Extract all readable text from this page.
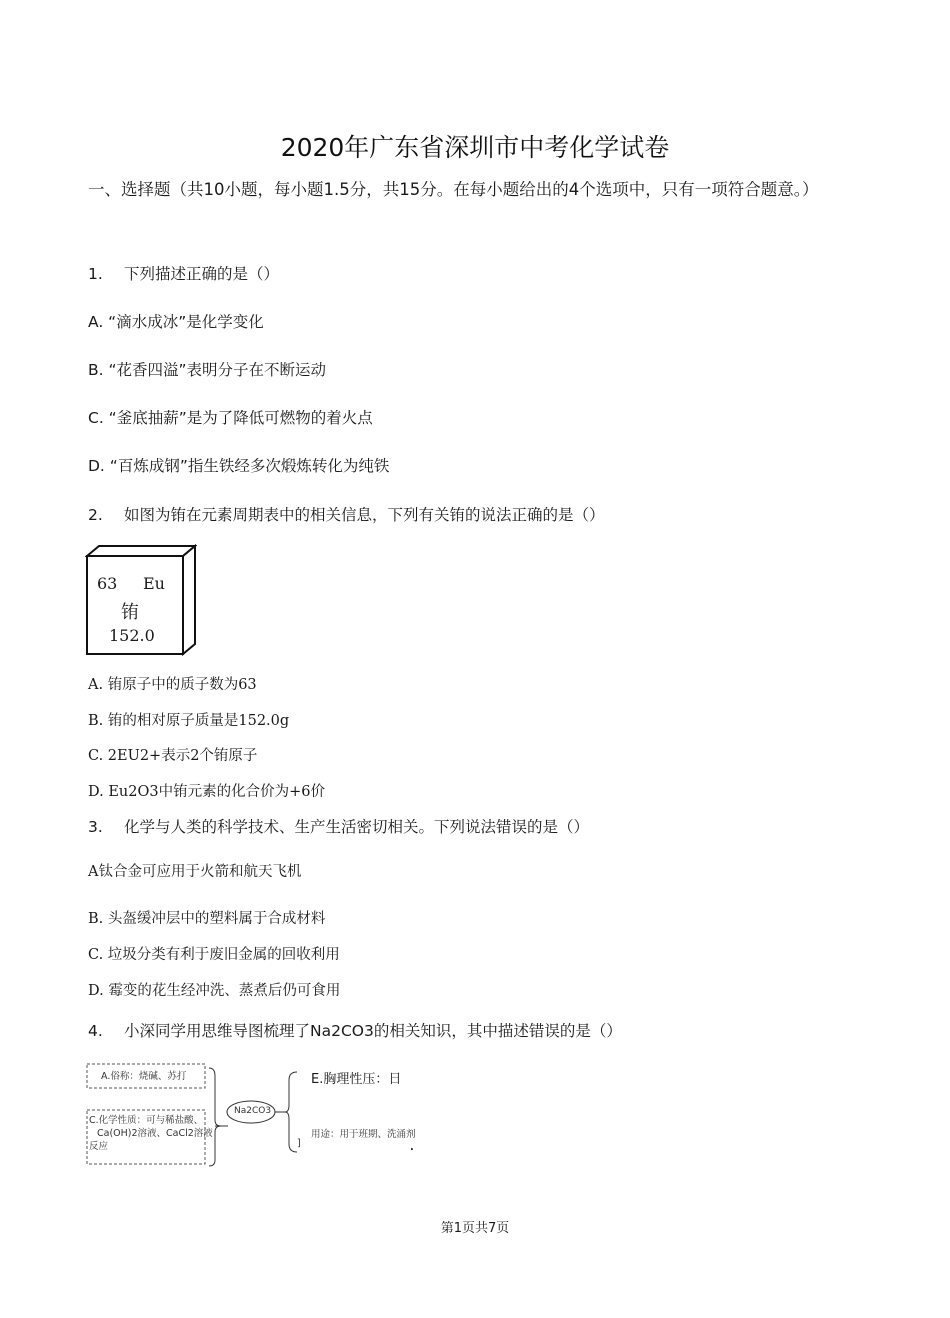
2020年广东省深圳市中考化学试卷
一、选择题（共10小题，每小题1.5分，共15分。在每小题给出的4个选项中，只有一项符合题意。）
1. 下列描述正确的是（）
A. “滴水成冰”是化学变化
B. “花香四溢”表明分子在不断运动
C. “釜底抽薪”是为了降低可燃物的着火点
D. “百炼成钢”指生铁经多次煅炼转化为纯铁
2. 如图为铕在元素周期表中的相关信息，下列有关铕的说法正确的是（）
63 Eu
铕
152.0
A. 铕原子中的质子数为63
B. 铕的相对原子质量是152.0g
C. 2EU2+表示2个铕原子
D. Eu2O3中铕元素的化合价为+6价
3. 化学与人类的科学技术、生产生活密切相关。下列说法错误的是（）
A钛合金可应用于火箭和航天飞机
B. 头盔缓冲层中的塑料属于合成材料
C. 垃圾分类有利于废旧金属的回收利用
D. 霉变的花生经冲洗、蒸煮后仍可食用
4. 小深同学用思维导图梳理了Na2CO3的相关知识，其中描述错误的是（）
A.俗称：烧碱、苏打
C.化学性质：可与稀盐酸、
Ca(OH)2溶液、CaCl2溶液
反应
Na2CO3
E.胸理性压：日
用途：用于班期、洗涌剂
]	.
第1页共7页
